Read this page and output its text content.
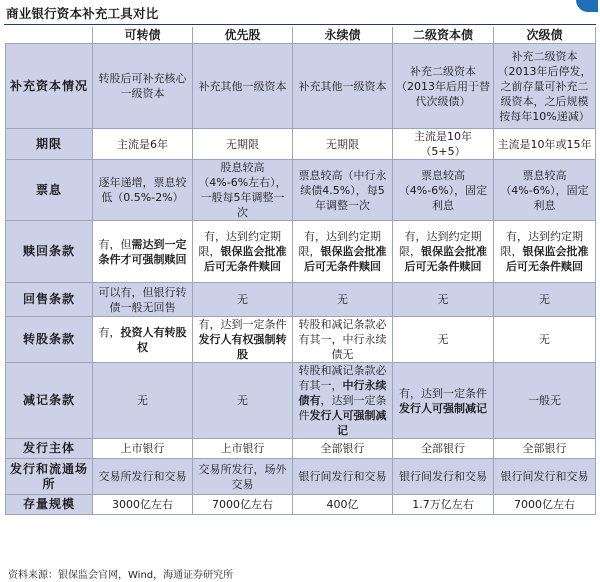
商业银行资本补充工具对比
	可转债	优先股	永续债	二级资本债	次级债
补充资本情况	转股后可补充核心一级资本	补充其他一级资本	补充其他一级资本	补充二级资本（2013年后用于替代次级债）	补充二级资本（2013年后停发，之前存量可补充二级资本，之后规模按每年10%递减）
期限	主流是6年	无期限	无期限	主流是10年（5+5）	主流是10年或15年
票息	逐年递增，票息较低（0.5%-2%）	股息较高（4%-6%左右），一般每5年调整一次	票息较高（中行永续债4.5%），每5年调整一次	票息较高（4%-6%），固定利息	票息较高（4%-6%），固定利息
赎回条款	有，但需达到一定条件才可强制赎回	有，达到约定期限，银保监会批准后可无条件赎回	有，达到约定期限，银保监会批准后可无条件赎回	有，达到约定期限，银保监会批准后可无条件赎回	有，达到约定期限，银保监会批准后可无条件赎回
回售条款	可以有，但银行转债一般无回售	无	无	无	无
转股条款	有，投资人有转股权	有，达到一定条件发行人有权强制转股	转股和减记条款必有其一，中行永续债无	无	无
减记条款	无	无	转股和减记条款必有其一，中行永续债有，达到一定条件发行人可强制减记	有，达到一定条件发行人可强制减记	一般无
发行主体	上市银行	上市银行	全部银行	全部银行	全部银行
发行和流通场所	交易所发行和交易	交易所发行，场外交易	银行间发行和交易	银行间发行和交易	银行间发行和交易
存量规模	3000亿左右	7000亿左右	400亿	1.7万亿左右	7000亿左右
资料来源：银保监会官网，Wind，海通证券研究所
